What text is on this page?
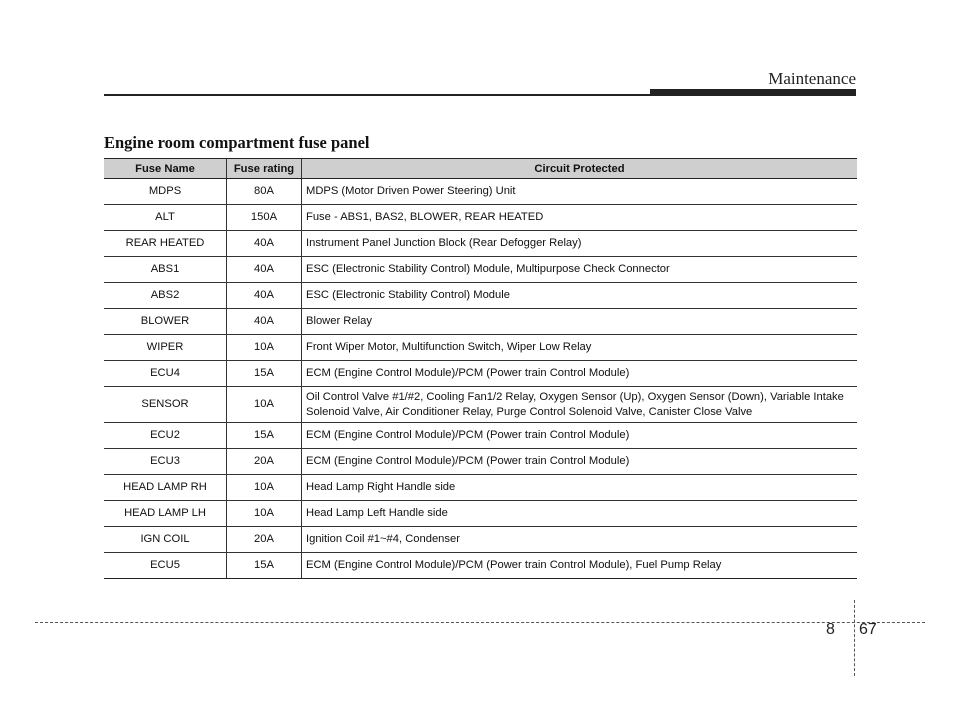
Maintenance
Engine room compartment fuse panel
Fuse Name	Fuse rating	Circuit Protected
MDPS	80A	MDPS (Motor Driven Power Steering) Unit
ALT	150A	Fuse - ABS1, BAS2, BLOWER, REAR HEATED
REAR HEATED	40A	Instrument Panel Junction Block (Rear Defogger Relay)
ABS1	40A	ESC (Electronic Stability Control) Module, Multipurpose Check Connector
ABS2	40A	ESC (Electronic Stability Control) Module
BLOWER	40A	Blower Relay
WIPER	10A	Front Wiper Motor, Multifunction Switch, Wiper Low Relay
ECU4	15A	ECM (Engine Control Module)/PCM (Power train Control Module)
SENSOR	10A	Oil Control Valve #1/#2, Cooling Fan1/2 Relay, Oxygen Sensor (Up), Oxygen Sensor (Down), Variable Intake Solenoid Valve, Air Conditioner Relay, Purge Control Solenoid Valve, Canister Close Valve
ECU2	15A	ECM (Engine Control Module)/PCM (Power train Control Module)
ECU3	20A	ECM (Engine Control Module)/PCM (Power train Control Module)
HEAD LAMP RH	10A	Head Lamp Right Handle side
HEAD LAMP LH	10A	Head Lamp Left Handle side
IGN COIL	20A	Ignition Coil #1~#4, Condenser
ECU5	15A	ECM (Engine Control Module)/PCM (Power train Control Module), Fuel Pump Relay
8 67
